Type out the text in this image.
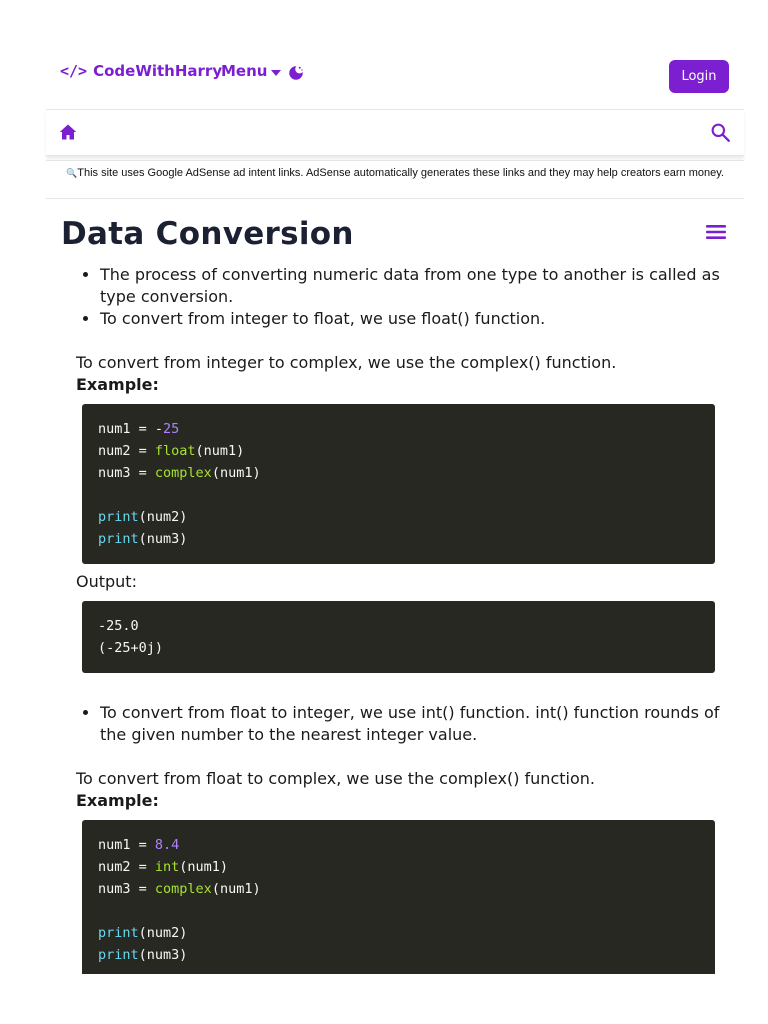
</> CodeWithHarry
Menu	Login
🔍This site uses Google AdSense ad intent links. AdSense automatically generates these links and they may help creators earn money.
Data Conversion
• The process of converting numeric data from one type to another is called as type conversion.
• To convert from integer to float, we use float() function.
To convert from integer to complex, we use the complex() function.
Example:
num1 = -25
num2 = float(num1)
num3 = complex(num1)

print(num2)
print(num3)
Output:
-25.0
(-25+0j)
• To convert from float to integer, we use int() function. int() function rounds of the given number to the nearest integer value.
To convert from float to complex, we use the complex() function.
Example:
num1 = 8.4
num2 = int(num1)
num3 = complex(num1)

print(num2)
print(num3)
